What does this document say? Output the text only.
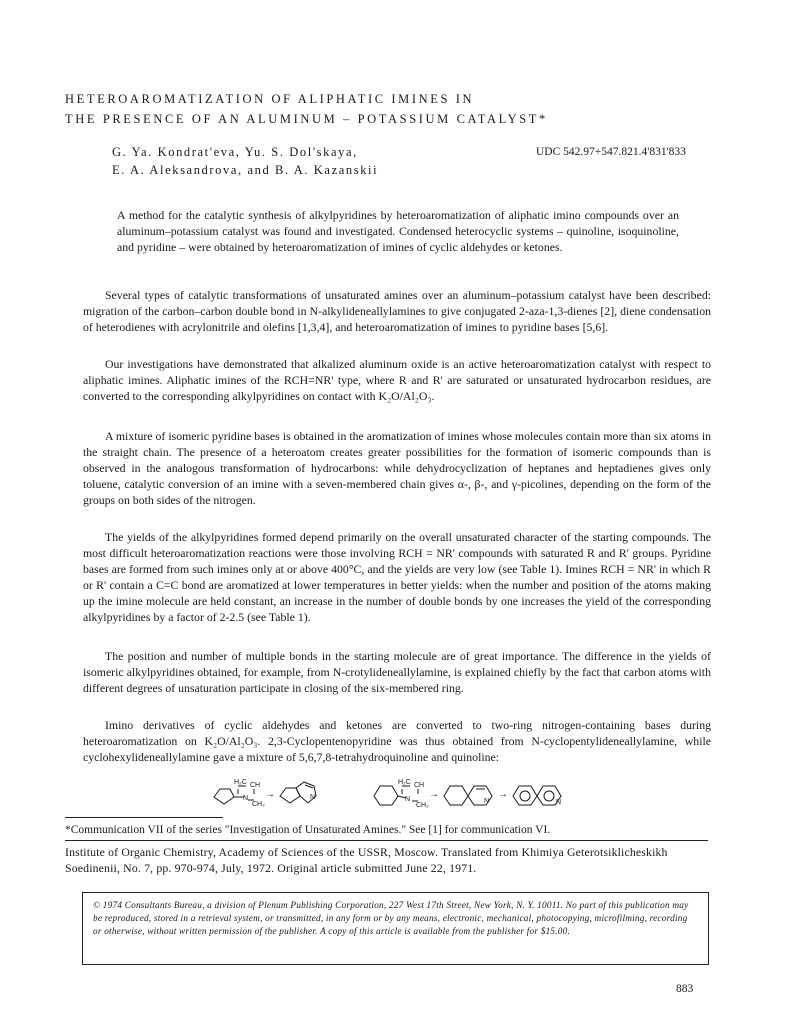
HETEROAROMATIZATION OF ALIPHATIC IMINES IN
THE PRESENCE OF AN ALUMINUM – POTASSIUM CATALYST*
G. Ya. Kondrat'eva, Yu. S. Dol'skaya,
E. A. Aleksandrova, and B. A. Kazanskii
UDC 542.97+547.821.4'831'833

A method for the catalytic synthesis of alkylpyridines by heteroaromatization of aliphatic imino compounds over an aluminum–potassium catalyst was found and investigated. Condensed heterocyclic systems – quinoline, isoquinoline, and pyridine – were obtained by heteroaromatization of imines of cyclic aldehydes or ketones.

Several types of catalytic transformations of unsaturated amines over an aluminum–potassium catalyst have been described: migration of the carbon–carbon double bond in N-alkylideneallylamines to give conjugated 2-aza-1,3-dienes [2], diene condensation of heterodienes with acrylonitrile and olefins [1,3,4], and heteroaromatization of imines to pyridine bases [5,6].

Our investigations have demonstrated that alkalized aluminum oxide is an active heteroaromatization catalyst with respect to aliphatic imines. Aliphatic imines of the RCH=NR' type, where R and R' are saturated or unsaturated hydrocarbon residues, are converted to the corresponding alkylpyridines on contact with K₂O/Al₂O₃.

A mixture of isomeric pyridine bases is obtained in the aromatization of imines whose molecules contain more than six atoms in the straight chain. The presence of a heteroatom creates greater possibilities for the formation of isomeric compounds than is observed in the analogous transformation of hydrocarbons: while dehydrocyclization of heptanes and heptadienes gives only toluene, catalytic conversion of an imine with a seven-membered chain gives α-, β-, and γ-picolines, depending on the form of the groups on both sides of the nitrogen.

The yields of the alkylpyridines formed depend primarily on the overall unsaturated character of the starting compounds. The most difficult heteroaromatization reactions were those involving RCH = NR' compounds with saturated R and R' groups. Pyridine bases are formed from such imines only at or above 400°C, and the yields are very low (see Table 1). Imines RCH = NR' in which R or R' contain a C=C bond are aromatized at lower temperatures in better yields: when the number and position of the atoms making up the imine molecule are held constant, an increase in the number of double bonds by one increases the yield of the corresponding alkylpyridines by a factor of 2-2.5 (see Table 1).

The position and number of multiple bonds in the starting molecule are of great importance. The difference in the yields of isomeric alkylpyridines obtained, for example, from N-crotylideneallylamine, is explained chiefly by the fact that carbon atoms with different degrees of unsaturation participate in closing of the six-membered ring.

Imino derivatives of cyclic aldehydes and ketones are converted to two-ring nitrogen-containing bases during heteroaromatization on K₂O/Al₂O₃. 2,3-Cyclopentenopyridine was thus obtained from N-cyclopentylideneallylamine, while cyclohexylideneallylamine gave a mixture of 5,6,7,8-tetrahydroquinoline and quinoline:

H₂C CH
N
CH₂
→	N
H₂C CH
N
CH₂
→
N
→
N

*Communication VII of the series "Investigation of Unsaturated Amines." See [1] for communication VI.

Institute of Organic Chemistry, Academy of Sciences of the USSR, Moscow. Translated from Khimiya Geterotsiklicheskikh Soedinenii, No. 7, pp. 970-974, July, 1972. Original article submitted June 22, 1971.

© 1974 Consultants Bureau, a division of Plenum Publishing Corporation, 227 West 17th Street, New York, N. Y. 10011. No part of this publication may be reproduced, stored in a retrieval system, or transmitted, in any form or by any means, electronic, mechanical, photocopying, microfilming, recording or otherwise, without written permission of the publisher. A copy of this article is available from the publisher for $15.00.

883
